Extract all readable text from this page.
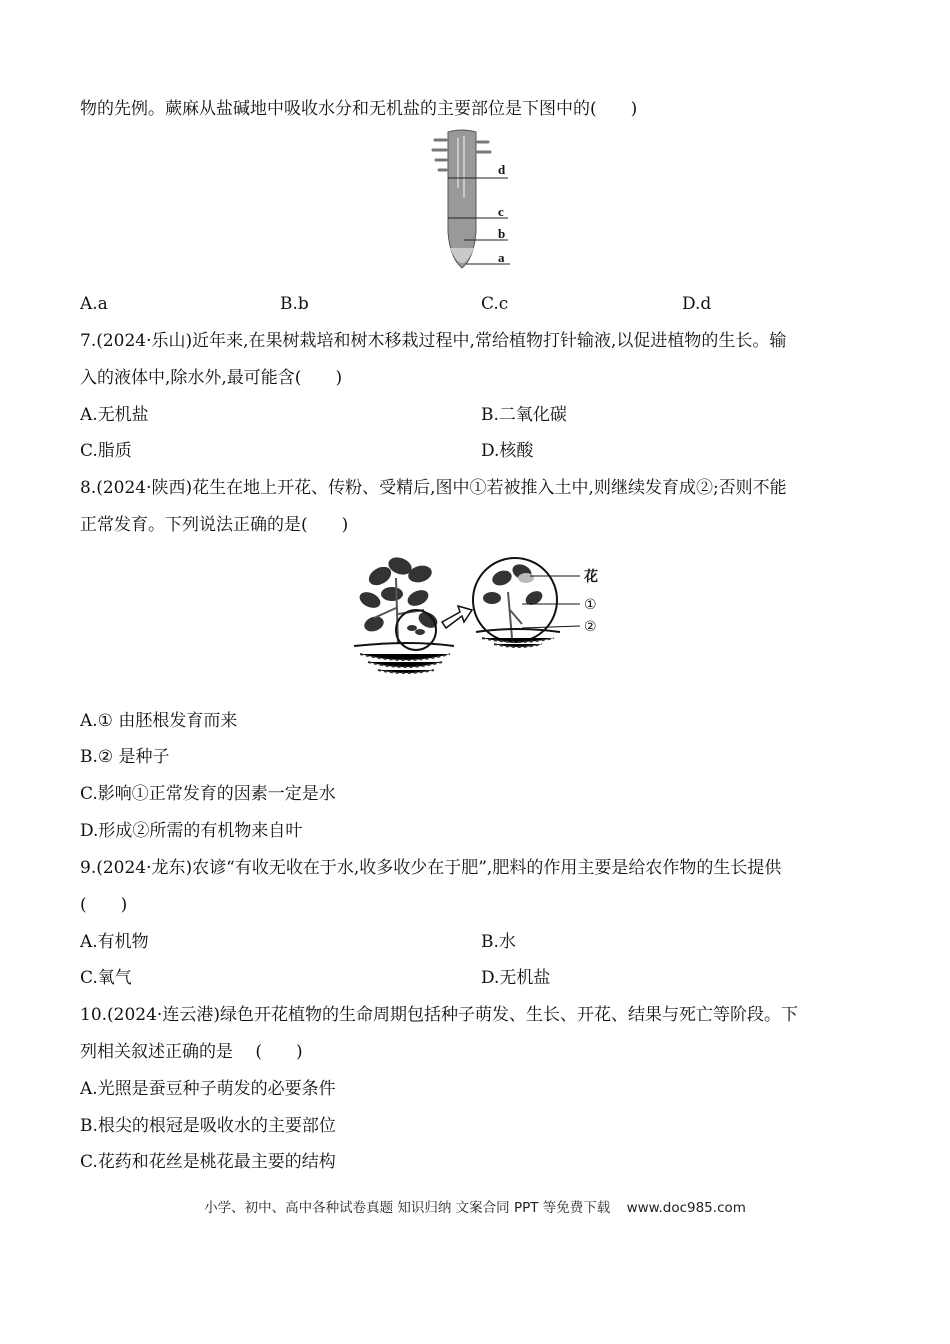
物的先例。蕨麻从盐碱地中吸收水分和无机盐的主要部位是下图中的(　　)
d
c
b
a
A.a	B.b	C.c	D.d
7.(2024·乐山)近年来,在果树栽培和树木移栽过程中,常给植物打针输液,以促进植物的生长。输
入的液体中,除水外,最可能含(　　)
A.无机盐	B.二氧化碳
C.脂质	D.核酸
8.(2024·陕西)花生在地上开花、传粉、受精后,图中①若被推入土中,则继续发育成②;否则不能
正常发育。下列说法正确的是(　　)
花
①
②
A.① 由胚根发育而来
B.② 是种子
C.影响①正常发育的因素一定是水
D.形成②所需的有机物来自叶
9.(2024·龙东)农谚“有收无收在于水,收多收少在于肥”,肥料的作用主要是给农作物的生长提供
(　　)
A.有机物	B.水
C.氧气	D.无机盐
10.(2024·连云港)绿色开花植物的生命周期包括种子萌发、生长、开花、结果与死亡等阶段。下
列相关叙述正确的是　 (　　)
A.光照是蚕豆种子萌发的必要条件
B.根尖的根冠是吸收水的主要部位
C.花药和花丝是桃花最主要的结构
小学、初中、高中各种试卷真题 知识归纳 文案合同 PPT 等免费下载 www.doc985.com
